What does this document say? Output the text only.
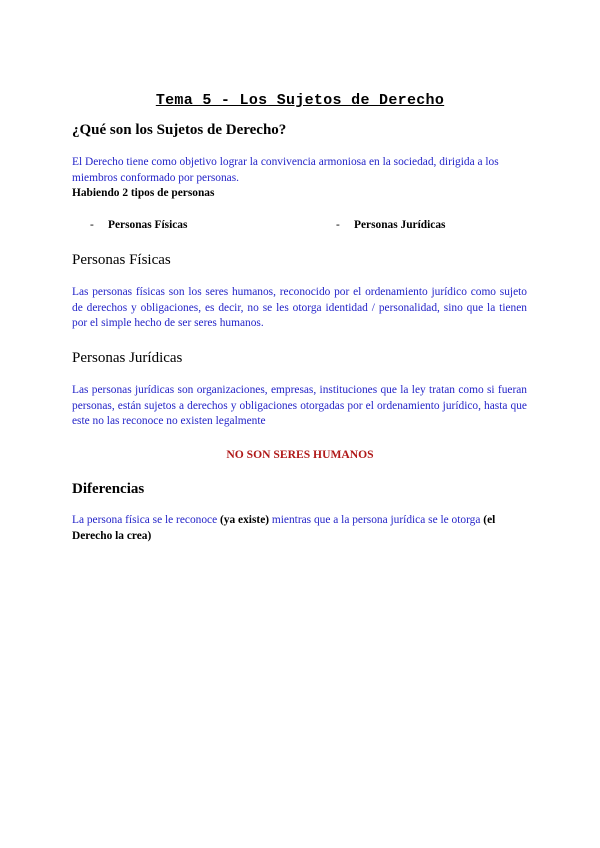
Tema 5 - Los Sujetos de Derecho
¿Qué son los Sujetos de Derecho?
El Derecho tiene como objetivo lograr la convivencia armoniosa en la sociedad, dirigida a los miembros conformado por personas.
Habiendo 2 tipos de personas
- Personas Físicas	- Personas Jurídicas
Personas Físicas
Las personas físicas son los seres humanos, reconocido por el ordenamiento jurídico como sujeto de derechos y obligaciones, es decir, no se les otorga identidad / personalidad, sino que la tienen por el simple hecho de ser seres humanos.
Personas Jurídicas
Las personas jurídicas son organizaciones, empresas, instituciones que la ley tratan como si fueran personas, están sujetos a derechos y obligaciones otorgadas por el ordenamiento jurídico, hasta que este no las reconoce no existen legalmente
NO SON SERES HUMANOS
Diferencias
La persona física se le reconoce (ya existe) mientras que a la persona jurídica se le otorga (el Derecho la crea)
